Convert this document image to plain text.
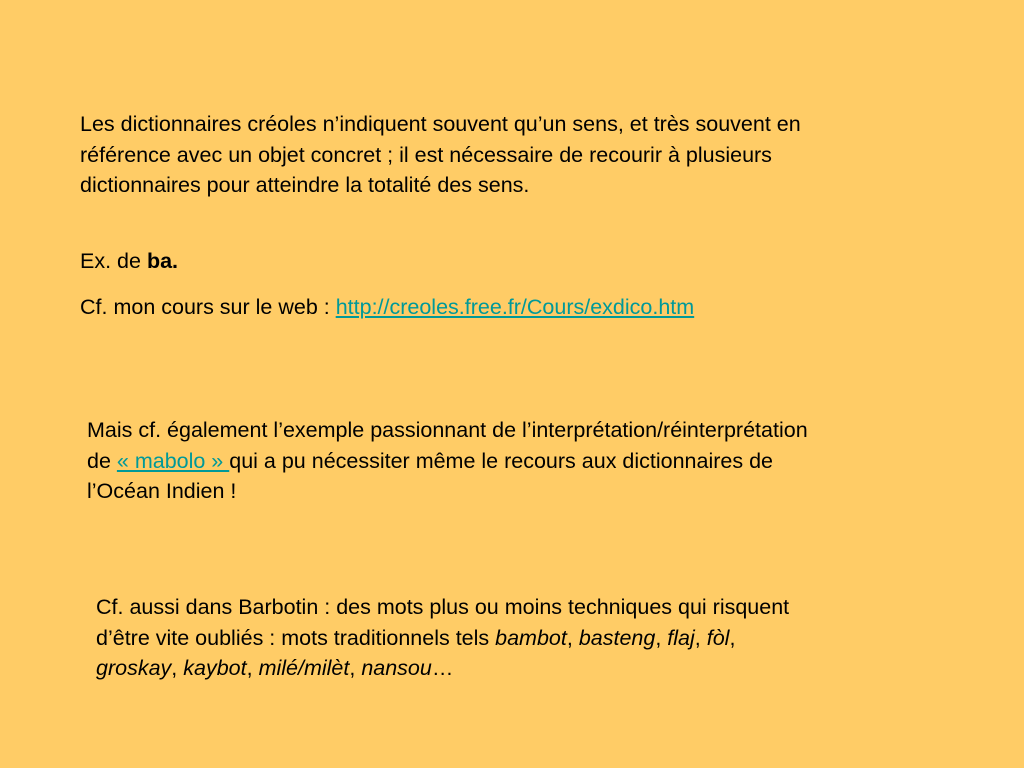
Les dictionnaires créoles n’indiquent souvent qu’un sens, et très souvent en
référence avec un objet concret ; il est nécessaire de recourir à plusieurs
dictionnaires pour atteindre la totalité des sens.
Ex. de ba.
Cf. mon cours sur le web : http://creoles.free.fr/Cours/exdico.htm
Mais cf. également l’exemple passionnant de l’interprétation/réinterprétation
de « mabolo » qui a pu nécessiter même le recours aux dictionnaires de
l’Océan Indien !
Cf. aussi dans Barbotin : des mots plus ou moins techniques qui risquent
d’être vite oubliés : mots traditionnels tels bambot, basteng, flaj, fòl,
groskay, kaybot, milé/milèt, nansou…
